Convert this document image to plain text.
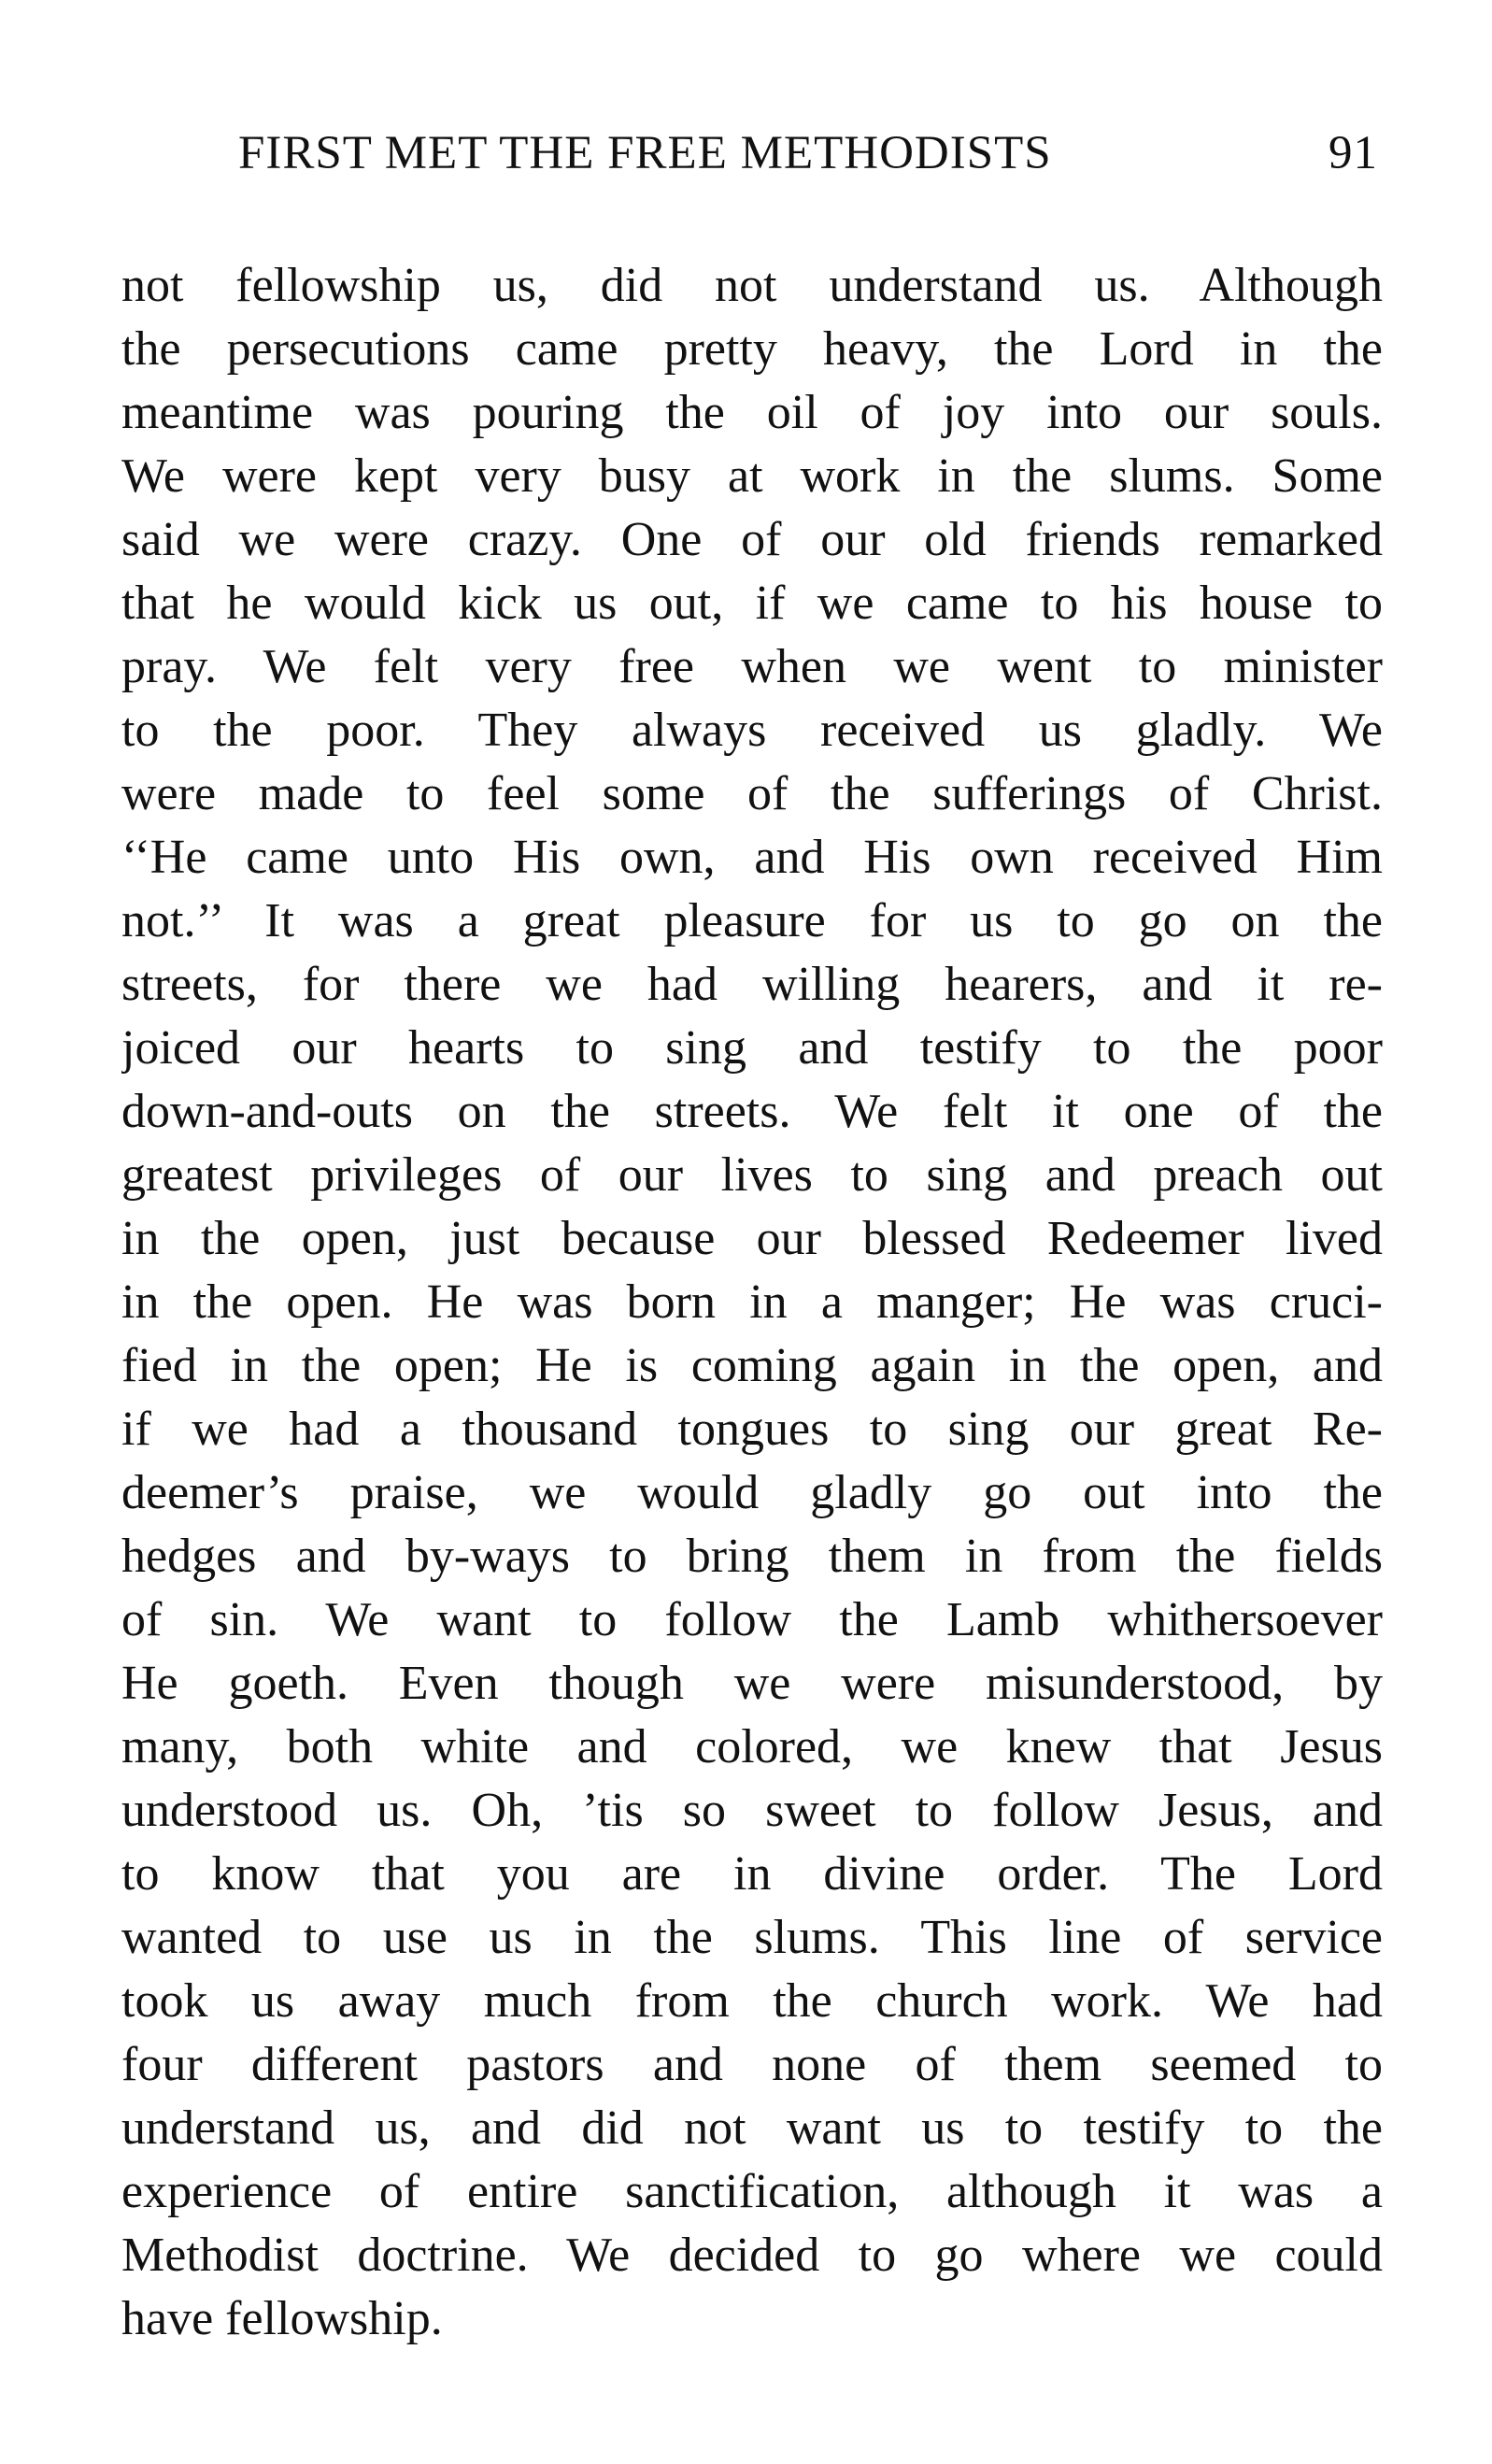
FIRST MET THE FREE METHODISTS	91
not fellowship us, did not understand us. Although
the persecutions came pretty heavy, the Lord in the
meantime was pouring the oil of joy into our souls.
We were kept very busy at work in the slums. Some
said we were crazy. One of our old friends remarked
that he would kick us out, if we came to his house to
pray. We felt very free when we went to minister
to the poor. They always received us gladly. We
were made to feel some of the sufferings of Christ.
‘‘He came unto His own, and His own received Him
not.’’ It was a great pleasure for us to go on the
streets, for there we had willing hearers, and it re-
joiced our hearts to sing and testify to the poor
down-and-outs on the streets. We felt it one of the
greatest privileges of our lives to sing and preach out
in the open, just because our blessed Redeemer lived
in the open. He was born in a manger; He was cruci-
fied in the open; He is coming again in the open, and
if we had a thousand tongues to sing our great Re-
deemer’s praise, we would gladly go out into the
hedges and by-ways to bring them in from the fields
of sin. We want to follow the Lamb whithersoever
He goeth. Even though we were misunderstood, by
many, both white and colored, we knew that Jesus
understood us. Oh, ’tis so sweet to follow Jesus, and
to know that you are in divine order. The Lord
wanted to use us in the slums. This line of service
took us away much from the church work. We had
four different pastors and none of them seemed to
understand us, and did not want us to testify to the
experience of entire sanctification, although it was a
Methodist doctrine. We decided to go where we could
have fellowship.
